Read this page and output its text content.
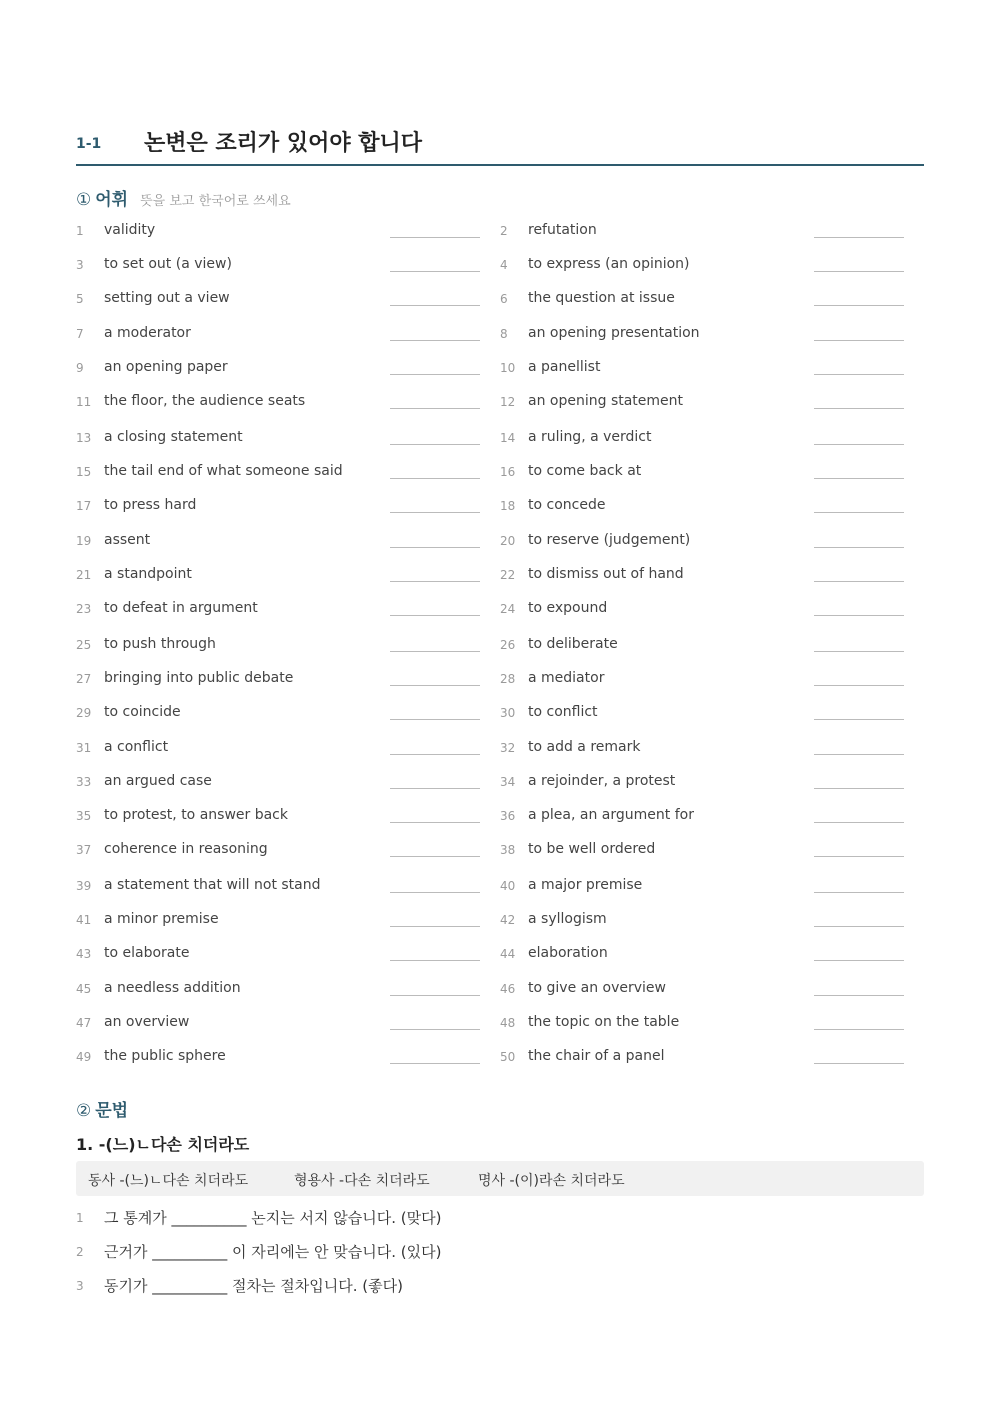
1-1 논변은 조리가 있어야 합니다
① 어휘 뜻을 보고 한국어로 쓰세요
1	validity	2	refutation
3	to set out (a view)	4	to express (an opinion)
5	setting out a view	6	the question at issue
7	a moderator	8	an opening presentation
9	an opening paper	10 a panellist
11 the floor, the audience seats	12 an opening statement
13 a closing statement	14 a ruling, a verdict
15 the tail end of what someone said	16 to come back at
17 to press hard	18 to concede
19 assent	20 to reserve (judgement)
21 a standpoint	22 to dismiss out of hand
23 to defeat in argument	24 to expound
25 to push through	26 to deliberate
27 bringing into public debate	28 a mediator
29 to coincide	30 to conflict
31 a conflict	32 to add a remark
33 an argued case	34 a rejoinder, a protest
35 to protest, to answer back	36 a plea, an argument for
37 coherence in reasoning	38 to be well ordered
39 a statement that will not stand	40 a major premise
41 a minor premise	42 a syllogism
43 to elaborate	44 elaboration
45 a needless addition	46 to give an overview
47 an overview	48 the topic on the table
49 the public sphere	50 the chair of a panel
② 문법
1. -(느)ㄴ다손 치더라도
동사 -(느)ㄴ다손 치더라도	형용사 -다손 치더라도	명사 -(이)라손 치더라도
1 그 통계가 __________ 논지는 서지 않습니다. (맞다)
2 근거가 __________ 이 자리에는 안 맞습니다. (있다)
3 동기가 __________ 절차는 절차입니다. (좋다)
